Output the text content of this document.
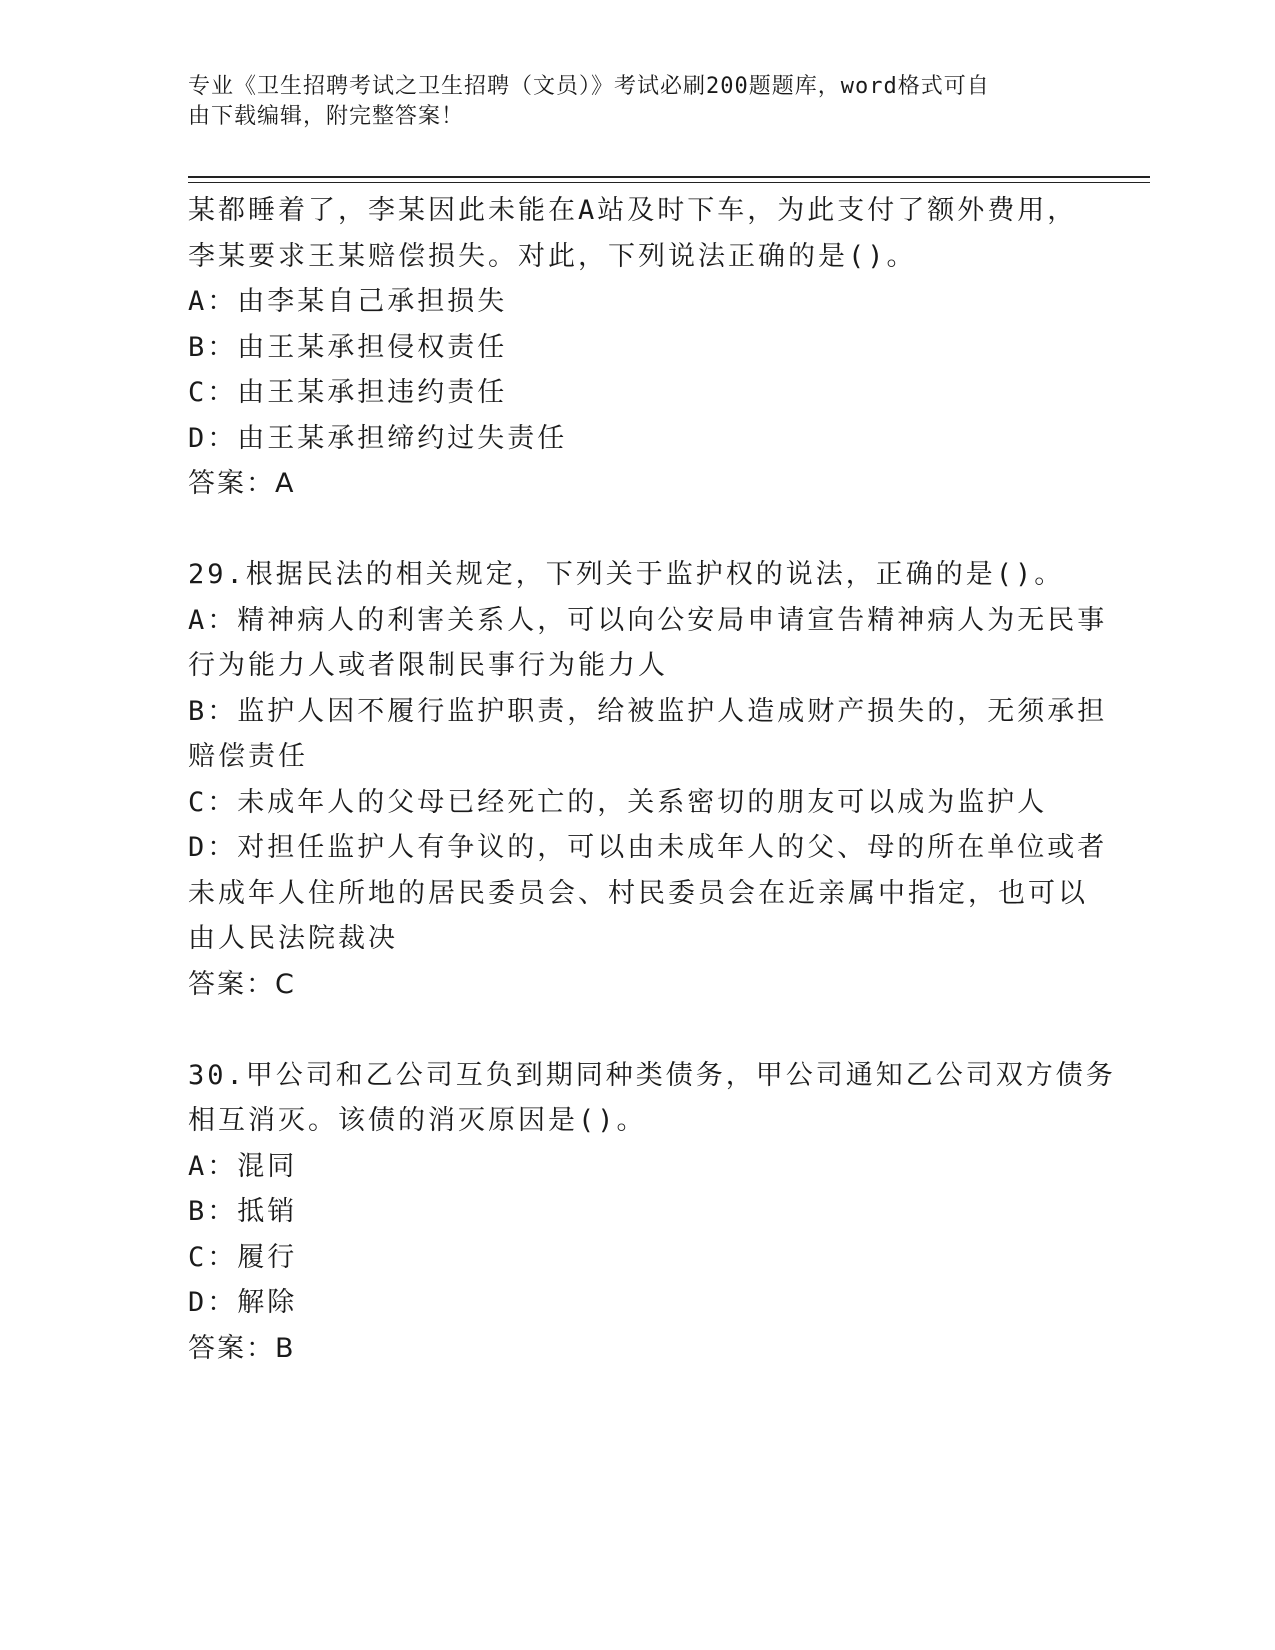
专业《卫生招聘考试之卫生招聘（文员）》考试必刷200题题库，word格式可自
由下载编辑，附完整答案！
某都睡着了，李某因此未能在A站及时下车，为此支付了额外费用，
李某要求王某赔偿损失。对此，下列说法正确的是()。
A：由李某自己承担损失
B：由王某承担侵权责任
C：由王某承担违约责任
D：由王某承担缔约过失责任
答案：A
29.根据民法的相关规定，下列关于监护权的说法，正确的是()。
A：精神病人的利害关系人，可以向公安局申请宣告精神病人为无民事
行为能力人或者限制民事行为能力人
B：监护人因不履行监护职责，给被监护人造成财产损失的，无须承担
赔偿责任
C：未成年人的父母已经死亡的，关系密切的朋友可以成为监护人
D：对担任监护人有争议的，可以由未成年人的父、母的所在单位或者
未成年人住所地的居民委员会、村民委员会在近亲属中指定，也可以
由人民法院裁决
答案：C
30.甲公司和乙公司互负到期同种类债务，甲公司通知乙公司双方债务
相互消灭。该债的消灭原因是()。
A：混同
B：抵销
C：履行
D：解除
答案：B
